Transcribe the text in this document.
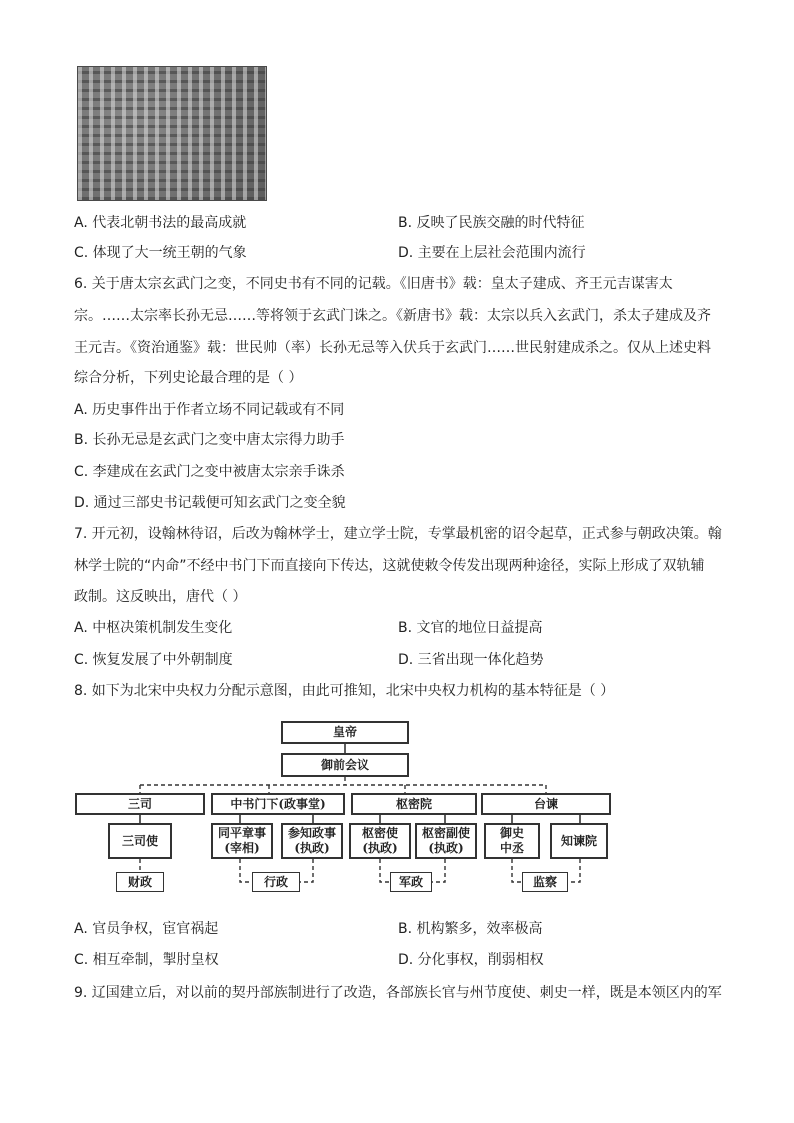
A. 代表北朝书法的最高成就	B. 反映了民族交融的时代特征
C. 体现了大一统王朝的气象	D. 主要在上层社会范围内流行
6. 关于唐太宗玄武门之变，不同史书有不同的记载。《旧唐书》载：皇太子建成、齐王元吉谋害太
宗。……太宗率长孙无忌……等将领于玄武门诛之。《新唐书》载：太宗以兵入玄武门，杀太子建成及齐
王元吉。《资治通鉴》载：世民帅（率）长孙无忌等入伏兵于玄武门……世民射建成杀之。仅从上述史料
综合分析，下列史论最合理的是（ ）
A. 历史事件出于作者立场不同记载或有不同
B. 长孙无忌是玄武门之变中唐太宗得力助手
C. 李建成在玄武门之变中被唐太宗亲手诛杀
D. 通过三部史书记载便可知玄武门之变全貌
7. 开元初，设翰林待诏，后改为翰林学士，建立学士院，专掌最机密的诏令起草，正式参与朝政决策。翰
林学士院的“内命”不经中书门下而直接向下传达，这就使敕令传发出现两种途径，实际上形成了双轨辅
政制。这反映出，唐代（ ）
A. 中枢决策机制发生变化	B. 文官的地位日益提高
C. 恢复发展了中外朝制度	D. 三省出现一体化趋势
8. 如下为北宋中央权力分配示意图，由此可推知，北宋中央权力机构的基本特征是（ ）
皇帝
御前会议
三司	中书门下(政事堂)	枢密院	台谏
三司使
同平章事
(宰相)
参知政事
(执政)
枢密使
(执政)
枢密副使
(执政)
御史
中丞
知谏院
财政	行政	军政	监察
A. 官员争权，宦官祸起	B. 机构繁多，效率极高
C. 相互牵制，掣肘皇权	D. 分化事权，削弱相权
9. 辽国建立后，对以前的契丹部族制进行了改造，各部族长官与州节度使、刺史一样，既是本领区内的军
